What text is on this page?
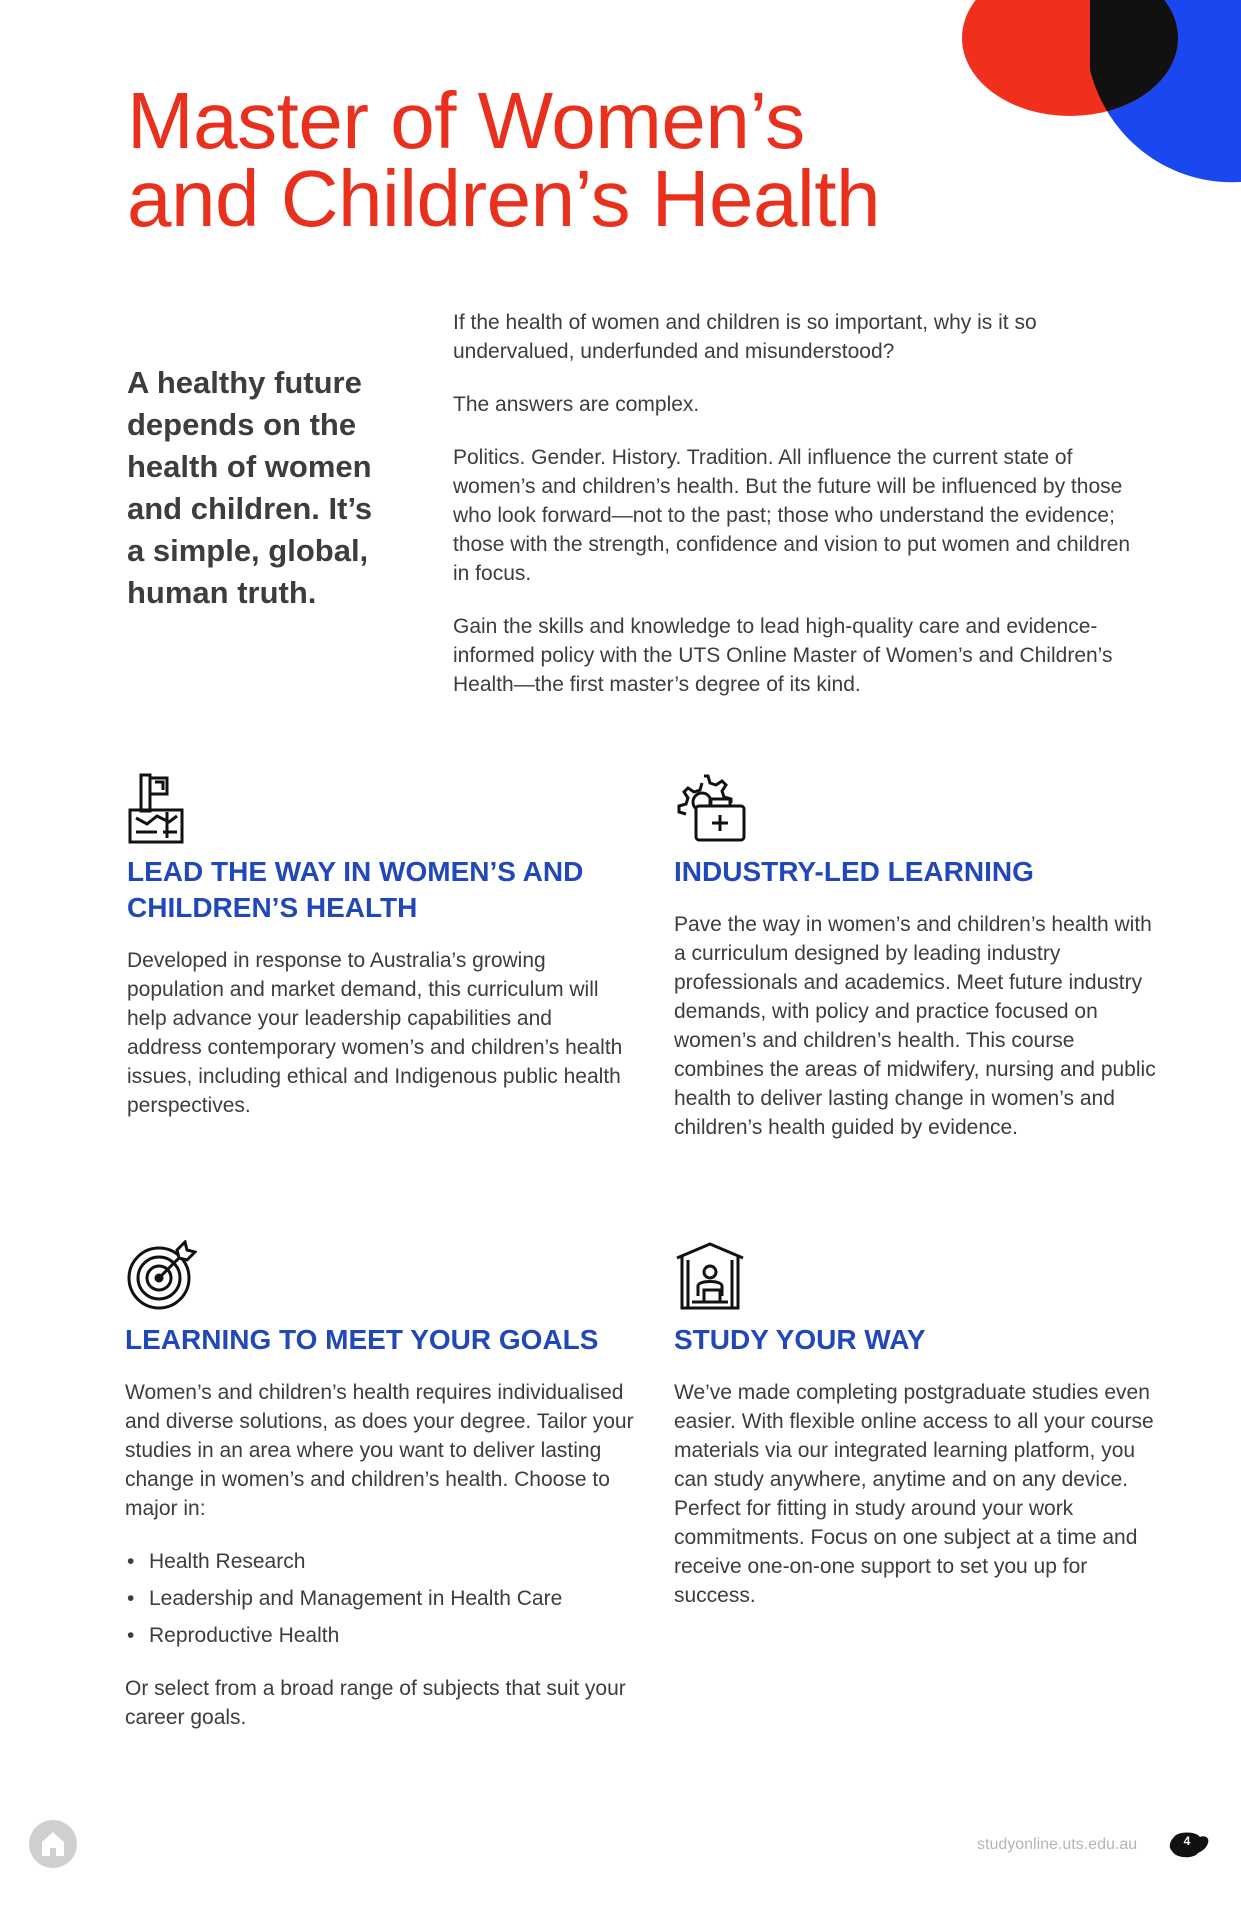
Master of Women’s
and Children’s Health

A healthy future depends on the health of women and children. It’s a simple, global, human truth.

If the health of women and children is so important, why is it so undervalued, underfunded and misunderstood?

The answers are complex.

Politics. Gender. History. Tradition. All influence the current state of women’s and children’s health. But the future will be influenced by those who look forward—not to the past; those who understand the evidence; those with the strength, confidence and vision to put women and children in focus.

Gain the skills and knowledge to lead high-quality care and evidence-informed policy with the UTS Online Master of Women’s and Children’s Health—the first master’s degree of its kind.

LEAD THE WAY IN WOMEN’S AND CHILDREN’S HEALTH

Developed in response to Australia’s growing population and market demand, this curriculum will help advance your leadership capabilities and address contemporary women’s and children’s health issues, including ethical and Indigenous public health perspectives.

INDUSTRY-LED LEARNING

Pave the way in women’s and children’s health with a curriculum designed by leading industry professionals and academics. Meet future industry demands, with policy and practice focused on women’s and children’s health. This course combines the areas of midwifery, nursing and public health to deliver lasting change in women’s and children’s health guided by evidence.

LEARNING TO MEET YOUR GOALS

Women’s and children’s health requires individualised and diverse solutions, as does your degree. Tailor your studies in an area where you want to deliver lasting change in women’s and children’s health. Choose to major in:

• Health Research
• Leadership and Management in Health Care
• Reproductive Health

Or select from a broad range of subjects that suit your career goals.

STUDY YOUR WAY

We’ve made completing postgraduate studies even easier. With flexible online access to all your course materials via our integrated learning platform, you can study anywhere, anytime and on any device. Perfect for fitting in study around your work commitments. Focus on one subject at a time and receive one-on-one support to set you up for success.

studyonline.uts.edu.au	4
